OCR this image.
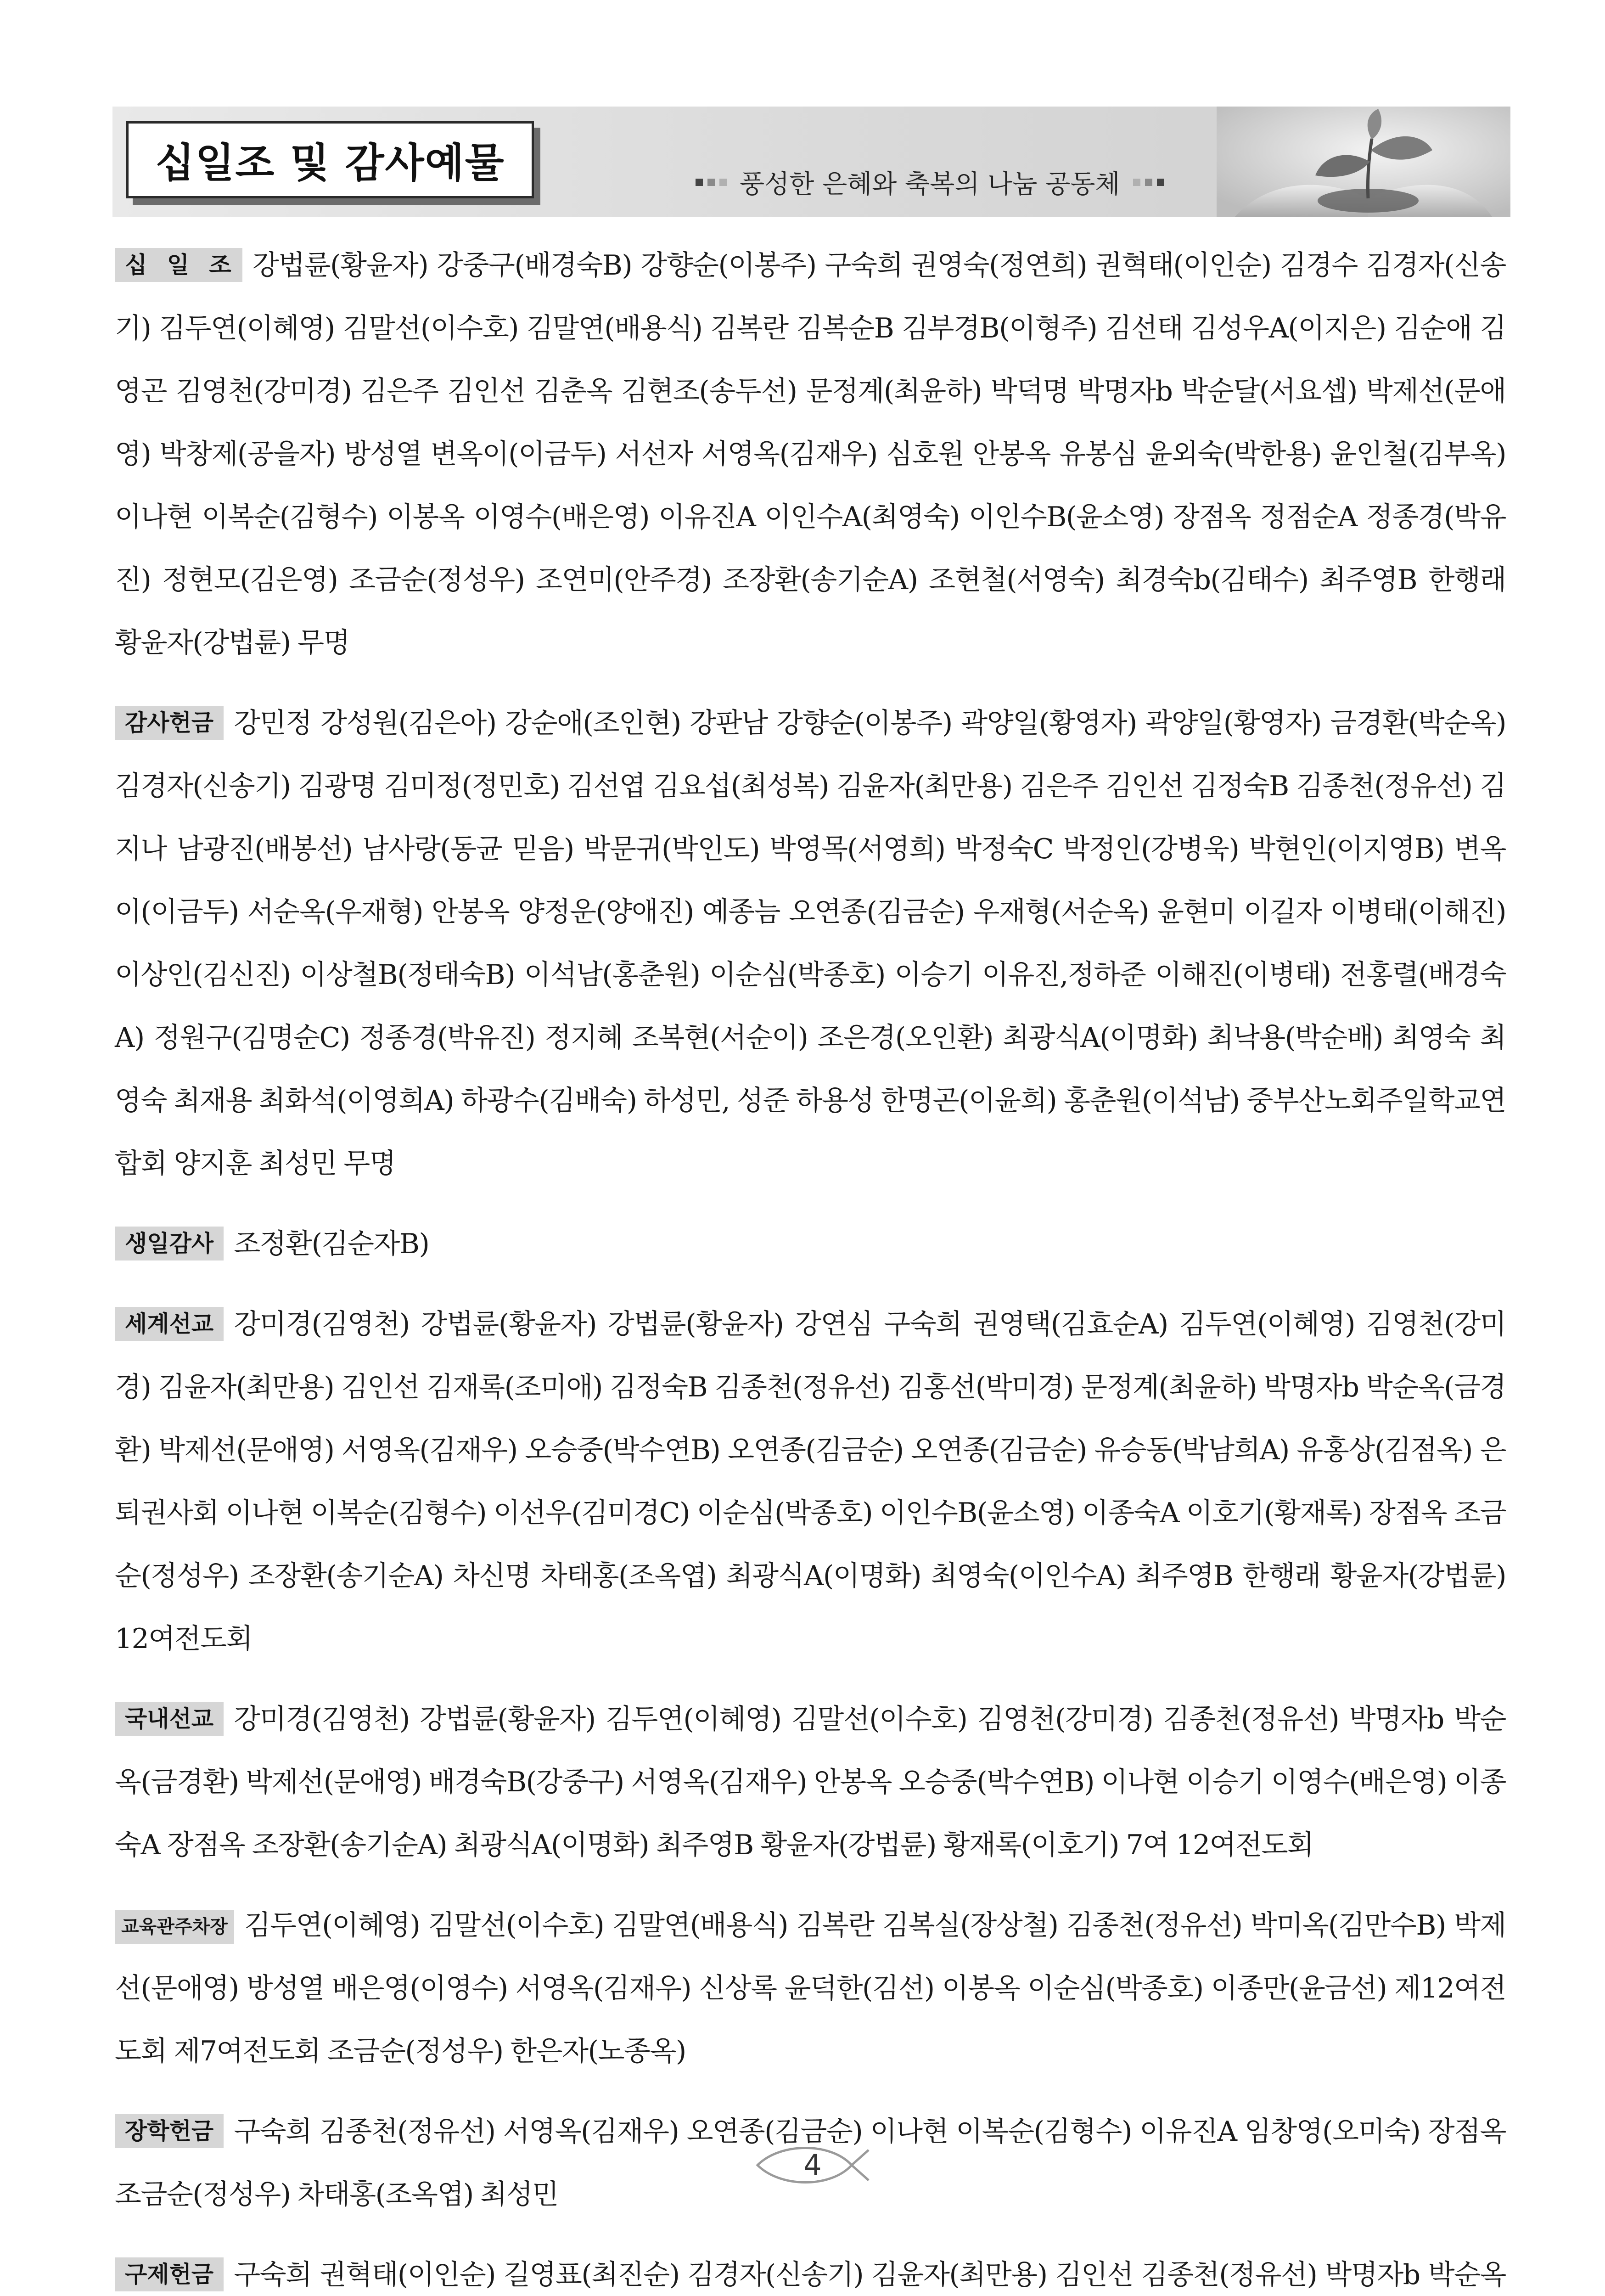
십일조 및 감사예물	풍성한 은혜와 축복의 나눔 공동체

십 일 조 강법륜(황윤자) 강중구(배경숙B) 강향순(이봉주) 구숙희 권영숙(정연희) 권혁태(이인순) 김경수 김경자(신송기) 김두연(이혜영) 김말선(이수호) 김말연(배용식) 김복란 김복순B 김부경B(이형주) 김선태 김성우A(이지은) 김순애 김영곤 김영천(강미경) 김은주 김인선 김춘옥 김현조(송두선) 문정계(최윤하) 박덕명 박명자b 박순달(서요셉) 박제선(문애영) 박창제(공을자) 방성열 변옥이(이금두) 서선자 서영옥(김재우) 심호원 안봉옥 유봉심 윤외숙(박한용) 윤인철(김부옥) 이나현 이복순(김형수) 이봉옥 이영수(배은영) 이유진A 이인수A(최영숙) 이인수B(윤소영) 장점옥 정점순A 정종경(박유진) 정현모(김은영) 조금순(정성우) 조연미(안주경) 조장환(송기순A) 조현철(서영숙) 최경숙b(김태수) 최주영B 한행래 황윤자(강법륜) 무명

감사헌금 강민정 강성원(김은아) 강순애(조인현) 강판남 강향순(이봉주) 곽양일(황영자) 곽양일(황영자) 금경환(박순옥) 김경자(신송기) 김광명 김미정(정민호) 김선엽 김요섭(최성복) 김윤자(최만용) 김은주 김인선 김정숙B 김종천(정유선) 김지나 남광진(배봉선) 남사랑(동균 믿음) 박문귀(박인도) 박영목(서영희) 박정숙C 박정인(강병욱) 박현인(이지영B) 변옥이(이금두) 서순옥(우재형) 안봉옥 양정운(양애진) 예종늠 오연종(김금순) 우재형(서순옥) 윤현미 이길자 이병태(이해진) 이상인(김신진) 이상철B(정태숙B) 이석남(홍춘원) 이순심(박종호) 이승기 이유진,정하준 이해진(이병태) 전홍렬(배경숙A) 정원구(김명순C) 정종경(박유진) 정지혜 조복현(서순이) 조은경(오인환) 최광식A(이명화) 최낙용(박순배) 최영숙 최영숙 최재용 최화석(이영희A) 하광수(김배숙) 하성민, 성준 하용성 한명곤(이윤희) 홍춘원(이석남) 중부산노회주일학교연합회 양지훈 최성민 무명

생일감사 조정환(김순자B)

세계선교 강미경(김영천) 강법륜(황윤자) 강법륜(황윤자) 강연심 구숙희 권영택(김효순A) 김두연(이혜영) 김영천(강미경) 김윤자(최만용) 김인선 김재록(조미애) 김정숙B 김종천(정유선) 김홍선(박미경) 문정계(최윤하) 박명자b 박순옥(금경환) 박제선(문애영) 서영옥(김재우) 오승중(박수연B) 오연종(김금순) 오연종(김금순) 유승동(박남희A) 유홍상(김점옥) 은퇴권사회 이나현 이복순(김형수) 이선우(김미경C) 이순심(박종호) 이인수B(윤소영) 이종숙A 이호기(황재록) 장점옥 조금순(정성우) 조장환(송기순A) 차신명 차태홍(조옥엽) 최광식A(이명화) 최영숙(이인수A) 최주영B 한행래 황윤자(강법륜) 12여전도회

국내선교 강미경(김영천) 강법륜(황윤자) 김두연(이혜영) 김말선(이수호) 김영천(강미경) 김종천(정유선) 박명자b 박순옥(금경환) 박제선(문애영) 배경숙B(강중구) 서영옥(김재우) 안봉옥 오승중(박수연B) 이나현 이승기 이영수(배은영) 이종숙A 장점옥 조장환(송기순A) 최광식A(이명화) 최주영B 황윤자(강법륜) 황재록(이호기) 7여 12여전도회

교육관주차장 김두연(이혜영) 김말선(이수호) 김말연(배용식) 김복란 김복실(장상철) 김종천(정유선) 박미옥(김만수B) 박제선(문애영) 방성열 배은영(이영수) 서영옥(김재우) 신상록 윤덕한(김선) 이봉옥 이순심(박종호) 이종만(윤금선) 제12여전도회 제7여전도회 조금순(정성우) 한은자(노종옥)

장학헌금 구숙희 김종천(정유선) 서영옥(김재우) 오연종(김금순) 이나현 이복순(김형수) 이유진A 임창영(오미숙) 장점옥 조금순(정성우) 차태홍(조옥엽) 최성민

구제헌금 구숙희 권혁태(이인순) 길영표(최진순) 김경자(신송기) 김윤자(최만용) 김인선 김종천(정유선) 박명자b 박순옥

4
